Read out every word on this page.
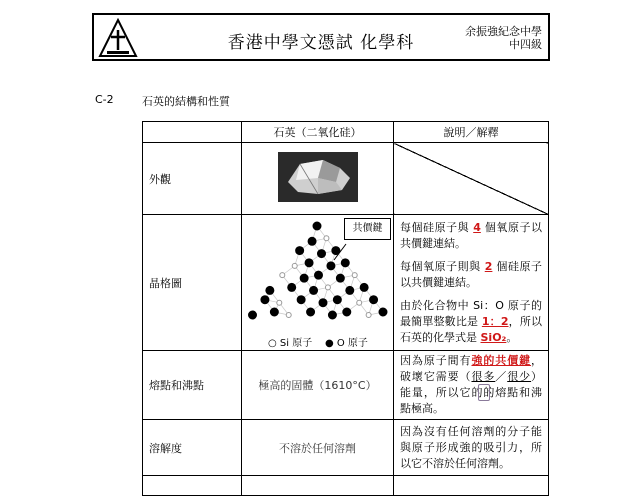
香港中學文憑試 化學科
余振強紀念中學
中四級
C-2	石英的結構和性質
	石英（二氧化硅）	說明／解釋
外觀		
晶格圖		每個硅原子與 4 個氧原子以共價鍵連結。

每個氧原子則與 2 個硅原子以共價鍵連結。

由於化合物中 Si：O 原子的最簡單整數比是 1：2，所以石英的化學式是 SiO₂。

熔點和沸點	極高的固體（1610°C）	因為原子間有強的共價鍵，破壞它需要（很多／很少）能量，所以它的的熔點和沸點極高。
溶解度	不溶於任何溶劑	因為沒有任何溶劑的分子能與原子形成強的吸引力，所以它不溶於任何溶劑。

共價鍵
○ Si 原子 ● O 原子
